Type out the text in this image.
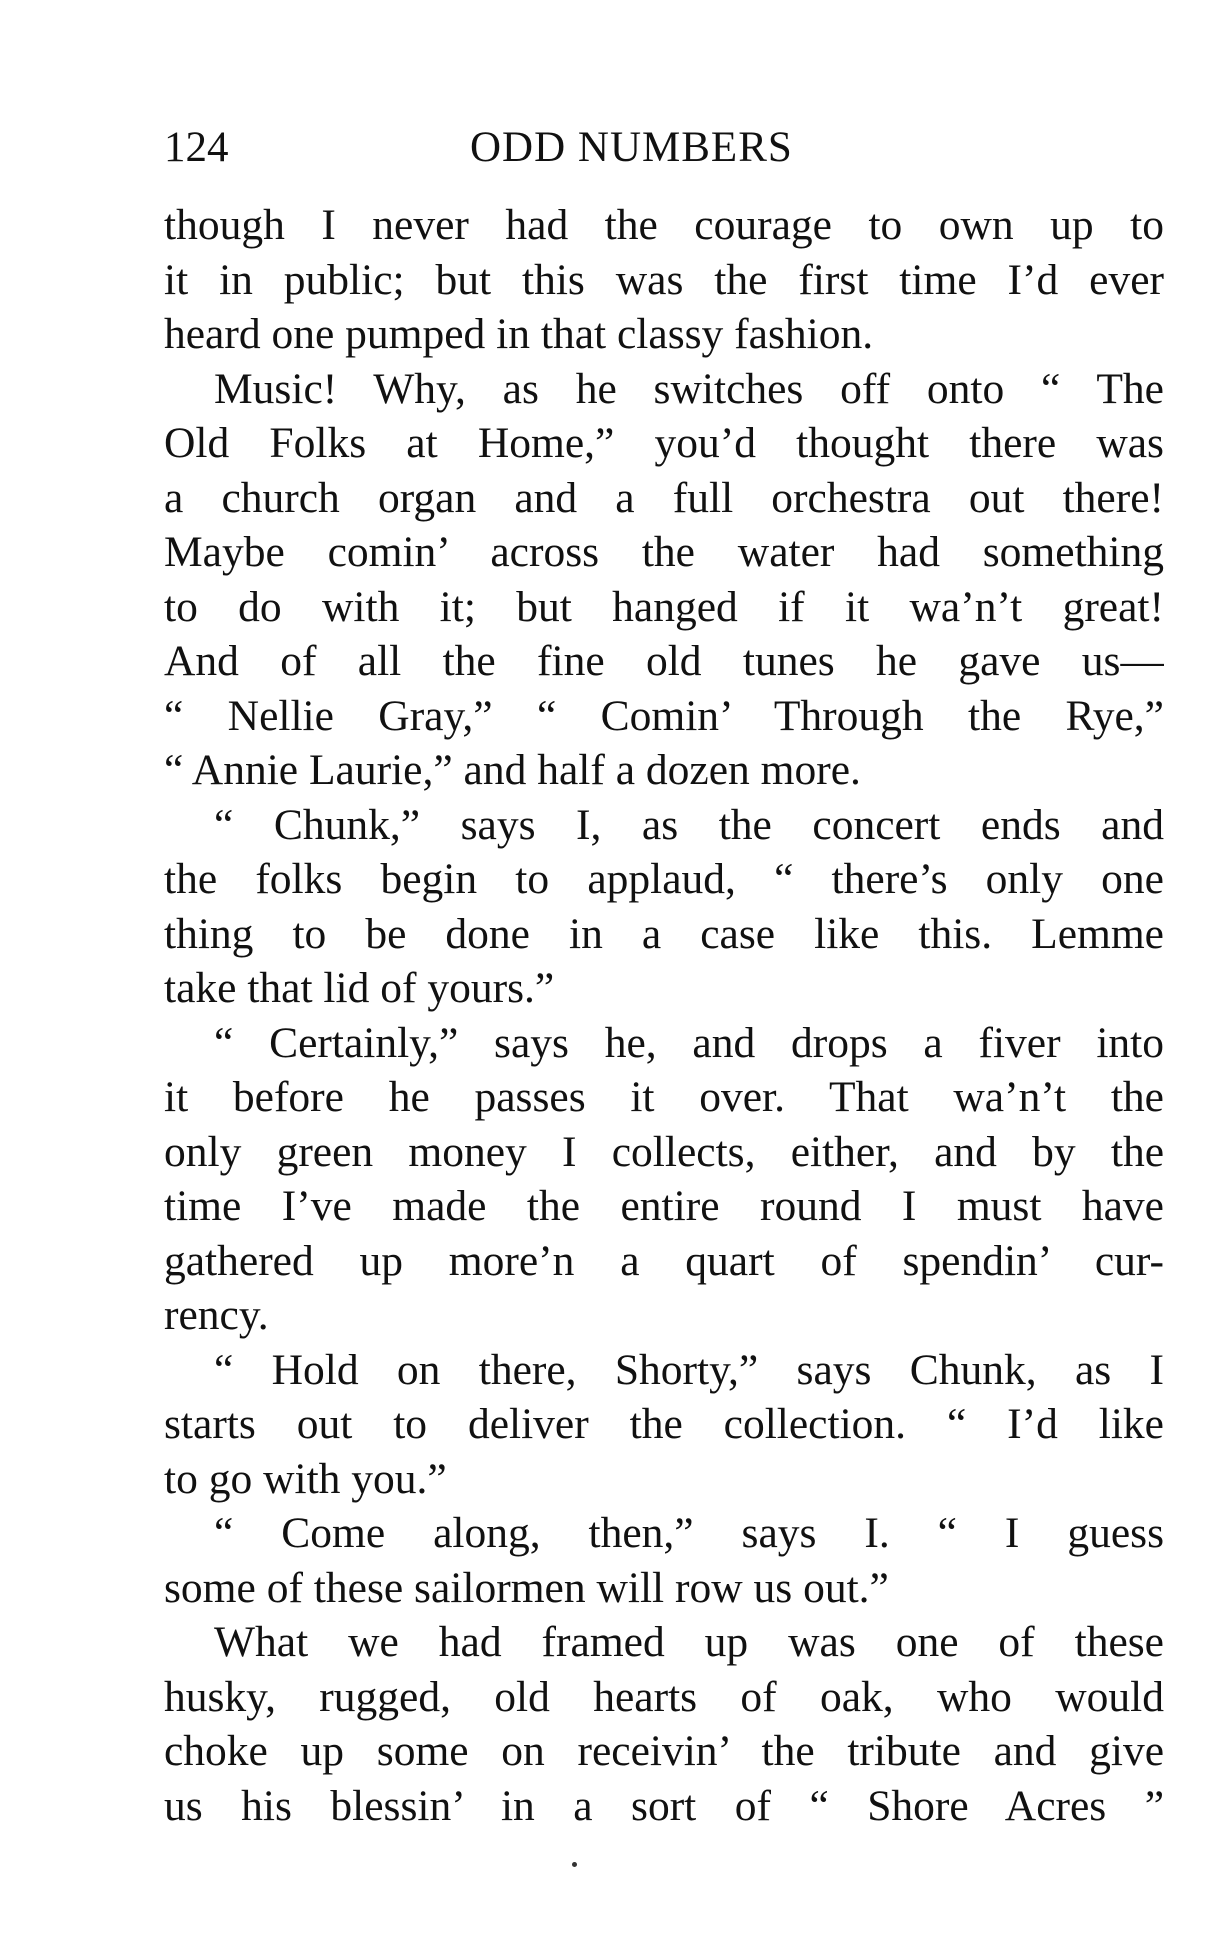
124	ODD NUMBERS
though I never had the courage to own up to
it in public; but this was the first time I’d ever
heard one pumped in that classy fashion.
Music! Why, as he switches off onto “ The
Old Folks at Home,” you’d thought there was
a church organ and a full orchestra out there!
Maybe comin’ across the water had something
to do with it; but hanged if it wa’n’t great!
And of all the fine old tunes he gave us—
“ Nellie Gray,” “ Comin’ Through the Rye,”
“ Annie Laurie,” and half a dozen more.
“ Chunk,” says I, as the concert ends and
the folks begin to applaud, “ there’s only one
thing to be done in a case like this. Lemme
take that lid of yours.”
“ Certainly,” says he, and drops a fiver into
it before he passes it over. That wa’n’t the
only green money I collects, either, and by the
time I’ve made the entire round I must have
gathered up more’n a quart of spendin’ cur-
rency.
“ Hold on there, Shorty,” says Chunk, as I
starts out to deliver the collection. “ I’d like
to go with you.”
“ Come along, then,” says I. “ I guess
some of these sailormen will row us out.”
What we had framed up was one of these
husky, rugged, old hearts of oak, who would
choke up some on receivin’ the tribute and give
us his blessin’ in a sort of “ Shore Acres ”
